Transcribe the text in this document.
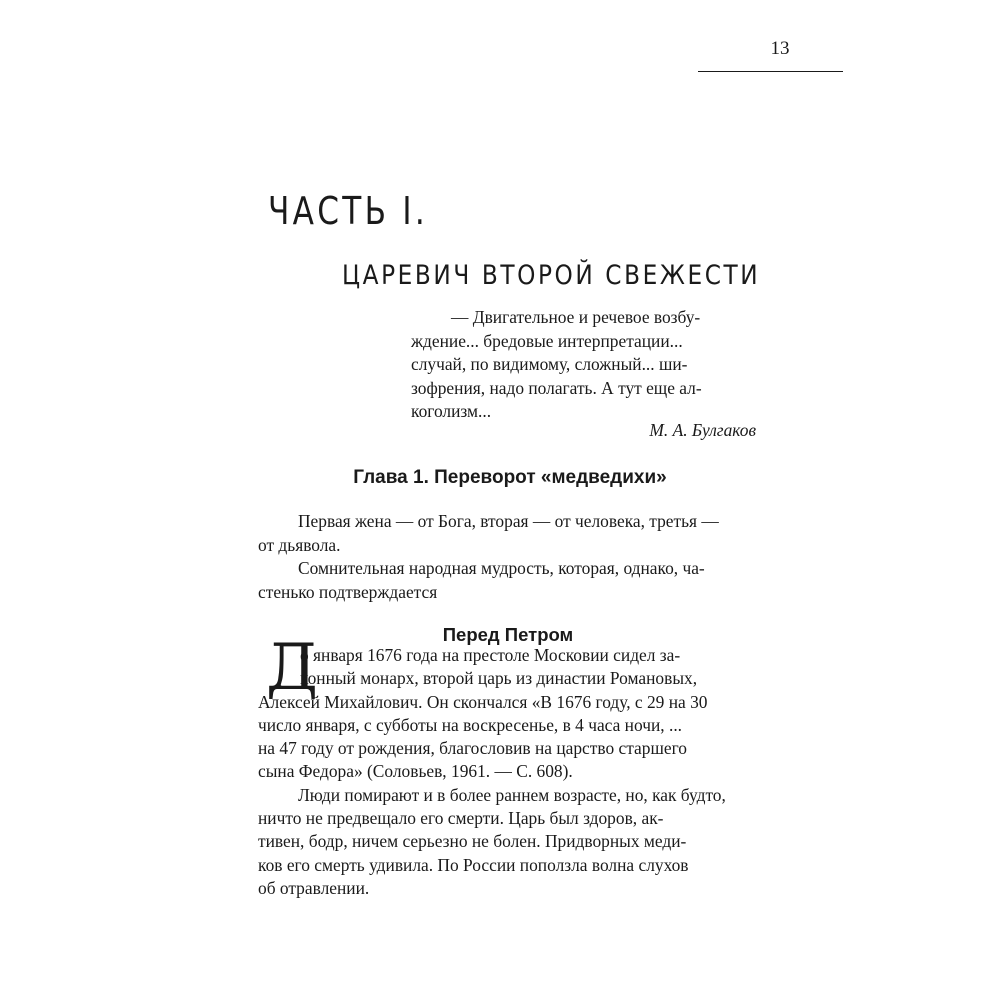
13
ЧАСТЬ I.
ЦАРЕВИЧ ВТОРОЙ СВЕЖЕСТИ
— Двигательное и речевое возбу-
ждение... бредовые интерпретации...
случай, по видимому, сложный... ши-
зофрения, надо полагать. А тут еще ал-
коголизм...
М. А. Булгаков
Глава 1. Переворот «медведихи»
Первая жена — от Бога, вторая — от человека, третья —
от дьявола.
Сомнительная народная мудрость, которая, однако, ча-
стенько подтверждается
Перед Петром
Д
о января 1676 года на престоле Московии сидел за-
конный монарх, второй царь из династии Романовых,
Алексей Михайлович. Он скончался «В 1676 году, с 29 на 30
число января, с субботы на воскресенье, в 4 часа ночи, ...
на 47 году от рождения, благословив на царство старшего
сына Федора» (Соловьев, 1961. — С. 608).
Люди помирают и в более раннем возрасте, но, как будто,
ничто не предвещало его смерти. Царь был здоров, ак-
тивен, бодр, ничем серьезно не болен. Придворных меди-
ков его смерть удивила. По России поползла волна слухов
об отравлении.
